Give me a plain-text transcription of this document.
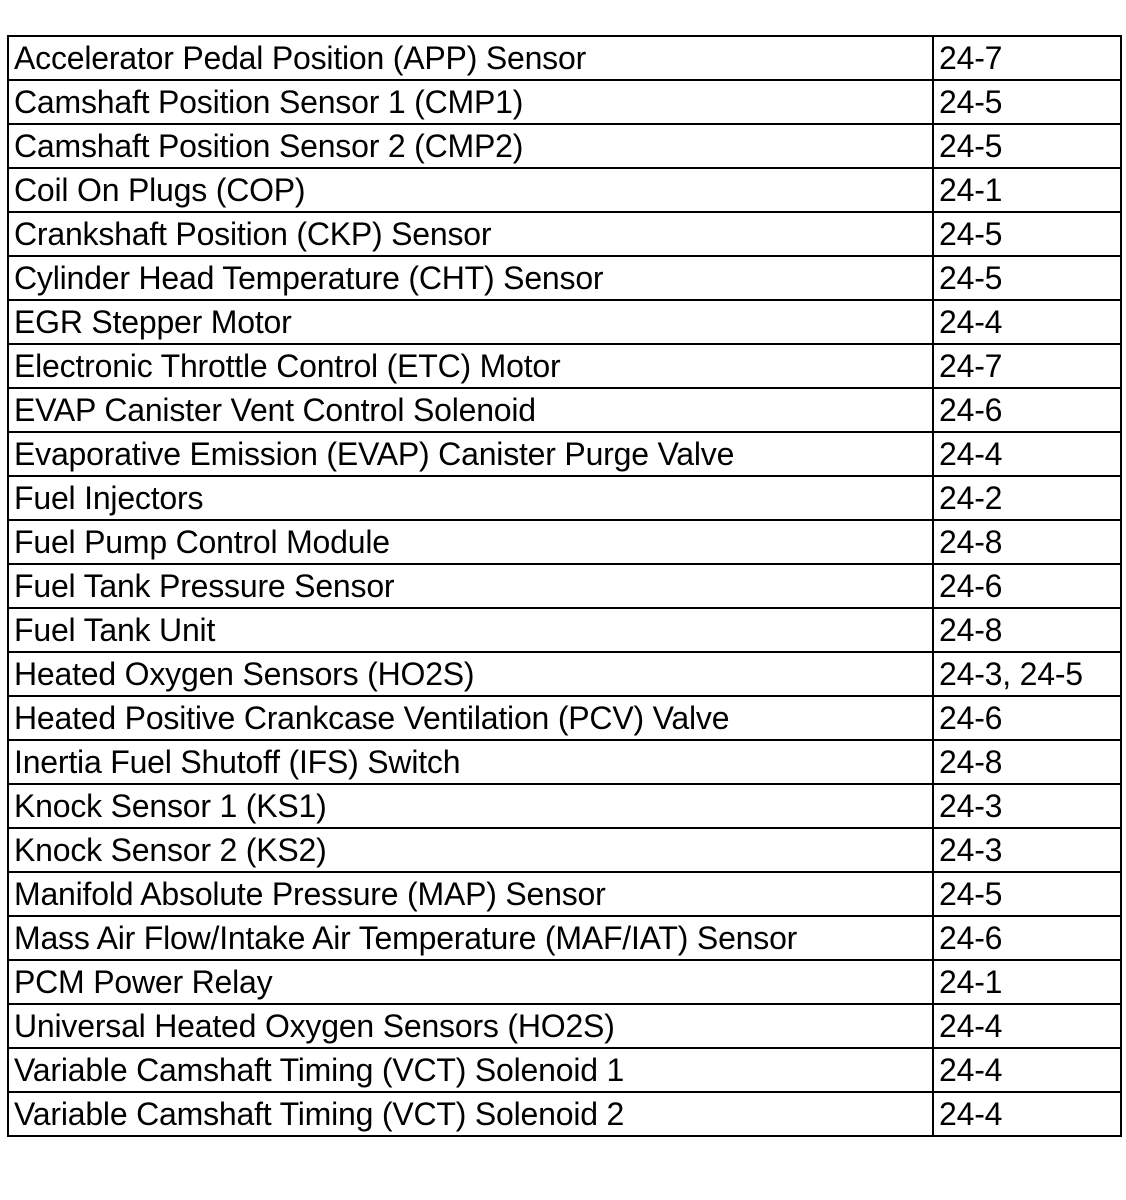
Accelerator Pedal Position (APP) Sensor	24-7
Camshaft Position Sensor 1 (CMP1)	24-5
Camshaft Position Sensor 2 (CMP2)	24-5
Coil On Plugs (COP)	24-1
Crankshaft Position (CKP) Sensor	24-5
Cylinder Head Temperature (CHT) Sensor	24-5
EGR Stepper Motor	24-4
Electronic Throttle Control (ETC) Motor	24-7
EVAP Canister Vent Control Solenoid	24-6
Evaporative Emission (EVAP) Canister Purge Valve	24-4
Fuel Injectors	24-2
Fuel Pump Control Module	24-8
Fuel Tank Pressure Sensor	24-6
Fuel Tank Unit	24-8
Heated Oxygen Sensors (HO2S)	24-3, 24-5
Heated Positive Crankcase Ventilation (PCV) Valve	24-6
Inertia Fuel Shutoff (IFS) Switch	24-8
Knock Sensor 1 (KS1)	24-3
Knock Sensor 2 (KS2)	24-3
Manifold Absolute Pressure (MAP) Sensor	24-5
Mass Air Flow/Intake Air Temperature (MAF/IAT) Sensor	24-6
PCM Power Relay	24-1
Universal Heated Oxygen Sensors (HO2S)	24-4
Variable Camshaft Timing (VCT) Solenoid 1	24-4
Variable Camshaft Timing (VCT) Solenoid 2	24-4
